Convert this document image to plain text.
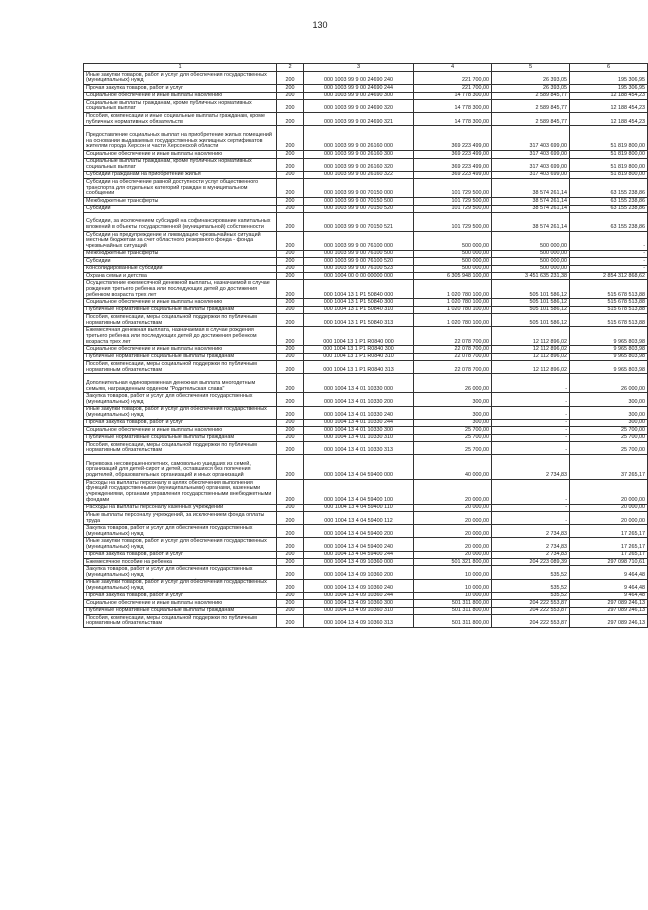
130
1	2	3	4	5	6
Иные закупки товаров, работ и услуг для обеспечения государственных (муниципальных) нужд	200	000 1003 99 9 00 24690 240	221 700,00	26 393,05	195 306,95
Прочая закупка товаров, работ и услуг	200	000 1003 99 9 00 24690 244	221 700,00	26 393,05	195 306,95
Социальное обеспечение и иные выплаты населению	200	000 1003 99 9 00 24690 300	14 778 300,00	2 589 845,77	12 188 454,23
Социальные выплаты гражданам, кроме публичных нормативных социальных выплат	200	000 1003 99 9 00 24690 320	14 778 300,00	2 589 845,77	12 188 454,23
Пособия, компенсации и иные социальные выплаты гражданам, кроме публичных нормативных обязательств	200	000 1003 99 9 00 24690 321	14 778 300,00	2 589 845,77	12 188 454,23
Предоставление социальных выплат на приобретение жилых помещений на основании выдаваемых государственных жилищных сертификатов жителям города Херсон и части Херсонской области	200	000 1003 99 9 00 26160 000	369 223 499,00	317 403 699,00	51 819 800,00
Социальное обеспечение и иные выплаты населению	200	000 1003 99 9 00 26160 300	369 223 499,00	317 403 699,00	51 819 800,00
Социальные выплаты гражданам, кроме публичных нормативных социальных выплат	200	000 1003 99 9 00 26160 320	369 223 499,00	317 403 699,00	51 819 800,00
Субсидии гражданам на приобретение жилья	200	000 1003 99 9 00 26160 322	369 223 499,00	317 403 699,00	51 819 800,00
Субсидии на обеспечение равной доступности услуг общественного транспорта для отдельных категорий граждан в муниципальном сообщении	200	000 1003 99 9 00 70150 000	101 729 500,00	38 574 261,14	63 155 238,86
Межбюджетные трансферты	200	000 1003 99 9 00 70150 500	101 729 500,00	38 574 261,14	63 155 238,86
Субсидии	200	000 1003 99 9 00 70150 520	101 729 500,00	38 574 261,14	63 155 238,86
Субсидии, за исключением субсидий на софинансирование капитальных вложений в объекты государственной (муниципальной) собственности	200	000 1003 99 9 00 70150 521	101 729 500,00	38 574 261,14	63 155 238,86
Субсидии на предупреждение и ликвидацию чрезвычайных ситуаций местным бюджетам за счет областного резервного фонда - фонда чрезвычайных ситуаций	200	000 1003 99 9 00 76100 000	500 000,00	500 000,00	-
Межбюджетные трансферты	200	000 1003 99 9 00 76100 500	500 000,00	500 000,00	-
Субсидии	200	000 1003 99 9 00 76100 520	500 000,00	500 000,00	-
Консолидированные субсидии	200	000 1003 99 9 00 76100 523	500 000,00	500 000,00	-
Охрана семьи и детства	200	000 1004 00 0 00 00000 000	6 305 948 100,00	3 451 635 231,38	2 854 312 868,62
Осуществление ежемесячной денежной выплаты, назначаемой в случае рождения третьего ребенка или последующих детей до достижения ребенком возраста трех лет	200	000 1004 13 1 P1 50840 000	1 020 780 100,00	505 101 586,12	515 678 513,88
Социальное обеспечение и иные выплаты населению	200	000 1004 13 1 P1 50840 300	1 020 780 100,00	505 101 586,12	515 678 513,88
Публичные нормативные социальные выплаты гражданам	200	000 1004 13 1 P1 50840 310	1 020 780 100,00	505 101 586,12	515 678 513,88
Пособия, компенсации, меры социальной поддержки по публичным нормативным обязательствам	200	000 1004 13 1 P1 50840 313	1 020 780 100,00	505 101 586,12	515 678 513,88
Ежемесячная денежная выплата, назначаемая в случае рождения третьего ребенка или последующих детей до достижения ребенком возраста трех лет	200	000 1004 13 1 P1 R0840 000	22 078 700,00	12 112 896,02	9 965 803,98
Социальное обеспечение и иные выплаты населению	200	000 1004 13 1 P1 R0840 300	22 078 700,00	12 112 896,02	9 965 803,98
Публичные нормативные социальные выплаты гражданам	200	000 1004 13 1 P1 R0840 310	22 078 700,00	12 112 896,02	9 965 803,98
Пособия, компенсации, меры социальной поддержки по публичным нормативным обязательствам	200	000 1004 13 1 P1 R0840 313	22 078 700,00	12 112 896,02	9 965 803,98
Дополнительная единовременная денежная выплата многодетным семьям, награжденным орденом "Родительская слава"	200	000 1004 13 4 01 10330 000	26 000,00	-	26 000,00
Закупка товаров, работ и услуг для обеспечения государственных (муниципальных) нужд	200	000 1004 13 4 01 10330 200	300,00	-	300,00
Иные закупки товаров, работ и услуг для обеспечения государственных (муниципальных) нужд	200	000 1004 13 4 01 10330 240	300,00	-	300,00
Прочая закупка товаров, работ и услуг	200	000 1004 13 4 01 10330 244	300,00	-	300,00
Социальное обеспечение и иные выплаты населению	200	000 1004 13 4 01 10330 300	25 700,00	-	25 700,00
Публичные нормативные социальные выплаты гражданам	200	000 1004 13 4 01 10330 310	25 700,00	-	25 700,00
Пособия, компенсации, меры социальной поддержки по публичным нормативным обязательствам	200	000 1004 13 4 01 10330 313	25 700,00	-	25 700,00
Перевозка несовершеннолетних, самовольно ушедших из семей, организаций для детей-сирот и детей, оставшихся без попечения родителей, образовательных организаций и иных организаций	200	000 1004 13 4 04 59400 000	40 000,00	2 734,83	37 265,17
Расходы на выплаты персоналу в целях обеспечения выполнения функций государственными (муниципальными) органами, казенными учреждениями, органами управления государственными внебюджетными фондами	200	000 1004 13 4 04 59400 100	20 000,00	-	20 000,00
Расходы на выплаты персоналу казенных учреждений	200	000 1004 13 4 04 59400 110	20 000,00	-	20 000,00
Иные выплаты персоналу учреждений, за исключением фонда оплаты труда	200	000 1004 13 4 04 59400 112	20 000,00	-	20 000,00
Закупка товаров, работ и услуг для обеспечения государственных (муниципальных) нужд	200	000 1004 13 4 04 59400 200	20 000,00	2 734,83	17 265,17
Иные закупки товаров, работ и услуг для обеспечения государственных (муниципальных) нужд	200	000 1004 13 4 04 59400 240	20 000,00	2 734,83	17 265,17
Прочая закупка товаров, работ и услуг	200	000 1004 13 4 04 59400 244	20 000,00	2 734,83	17 265,17
Ежемесячное пособие на ребенка	200	000 1004 13 4 09 10360 000	501 321 800,00	204 223 089,39	297 098 710,61
Закупка товаров, работ и услуг для обеспечения государственных (муниципальных) нужд	200	000 1004 13 4 09 10360 200	10 000,00	535,52	9 464,48
Иные закупки товаров, работ и услуг для обеспечения государственных (муниципальных) нужд	200	000 1004 13 4 09 10360 240	10 000,00	535,52	9 464,48
Прочая закупка товаров, работ и услуг	200	000 1004 13 4 09 10360 244	10 000,00	535,52	9 464,48
Социальное обеспечение и иные выплаты населению	200	000 1004 13 4 09 10360 300	501 311 800,00	204 222 553,87	297 089 246,13
Публичные нормативные социальные выплаты гражданам	200	000 1004 13 4 09 10360 310	501 311 800,00	204 222 553,87	297 089 246,13
Пособия, компенсации, меры социальной поддержки по публичным нормативным обязательствам	200	000 1004 13 4 09 10360 313	501 311 800,00	204 222 553,87	297 089 246,13
